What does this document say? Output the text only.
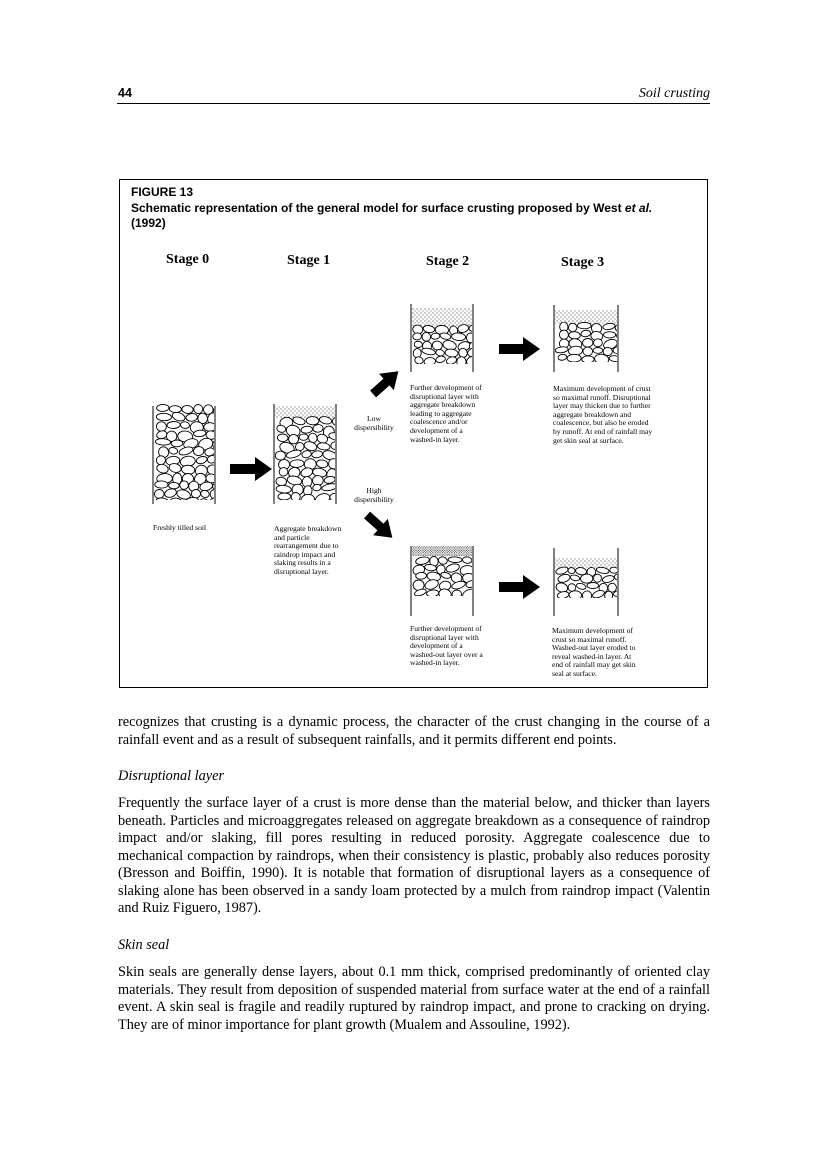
44	Soil crusting
FIGURE 13
Schematic representation of the general model for surface crusting proposed by West et al.(1992)
Stage 0	Stage 1	Stage 2	Stage 3
Low
dispersibility
High
dispersibility
Freshly tilled soil	Aggregate breakdown
and particle
rearrangement due to
raindrop impact and
slaking results in a
disruptional layer.
Further development of
disruptional layer with
aggregate breakdown
leading to aggregate
coalescence and/or
development of a
washed-in layer.
Maximum development of crust
so maximal runoff. Disruptional
layer may thicken due to further
aggregate breakdown and
coalescence, but also be eroded
by runoff. At end of rainfall may
get skin seal at surface.
Further development of
disruptional layer with
development of a
washed-out layer over a
washed-in layer.
Maximum development of
crust so maximal runoff.
Washed-out layer eroded to
reveal washed-in layer. At
end of rainfall may get skin
seal at surface.

recognizes that crusting is a dynamic process, the character of the crust changing in the course of a rainfall event and as a result of subsequent rainfalls, and it permits different end points.

Disruptional layer

Frequently the surface layer of a crust is more dense than the material below, and thicker than layers beneath. Particles and microaggregates released on aggregate breakdown as a consequence of raindrop impact and/or slaking, fill pores resulting in reduced porosity. Aggregate coalescence due to mechanical compaction by raindrops, when their consistency is plastic, probably also reduces porosity (Bresson and Boiffin, 1990). It is notable that formation of disruptional layers as a consequence of slaking alone has been observed in a sandy loam protected by a mulch from raindrop impact (Valentin and Ruiz Figuero, 1987).

Skin seal

Skin seals are generally dense layers, about 0.1 mm thick, comprised predominantly of oriented clay materials. They result from deposition of suspended material from surface water at the end of a rainfall event. A skin seal is fragile and readily ruptured by raindrop impact, and prone to cracking on drying. They are of minor importance for plant growth (Mualem and Assouline, 1992).
